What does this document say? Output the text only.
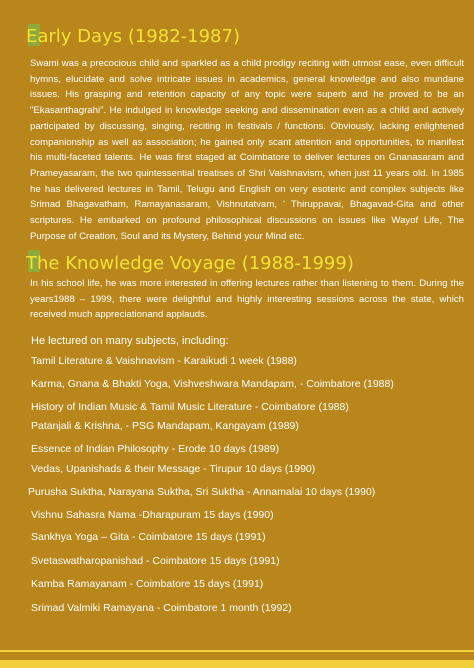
Early Days (1982-1987)

Swami was a precocious child and sparkled as a child prodigy reciting with utmost ease, even difficult hymns, elucidate and solve intricate issues in academics, general knowledge and also mundane issues. His grasping and retention capacity of any topic were superb and he proved to be an "Ekasanthagrahi". He indulged in knowledge seeking and dissemination even as a child and actively participated by discussing, singing, reciting in festivals / functions. Obviously, lacking enlightened companionship as well as association; he gained only scant attention and opportunities, to manifest his multi-faceted talents. He was first staged at Coimbatore to deliver lectures on Gnanasaram and Prameyasaram, the two quintessential treatises of Shri Vaishnavism, when just 11 years old. In 1985 he has delivered lectures in Tamil, Telugu and English on very esoteric and complex subjects like Srimad Bhagavatham, Ramayanasaram, Vishnutatvam, ' Thiruppavai, Bhagavad-Gita and other scriptures. He embarked on profound philosophical discussions on issues like Wayof Life, The Purpose of Creation, Soul and its Mystery, Behind your Mind etc.

The Knowledge Voyage (1988-1999)

In his school life, he was more interested in offering lectures rather than listening to them. During the years1988 – 1999, there were delightful and highly interesting sessions across the state, which received much appreciationand applauds.

He lectured on many subjects, including:

Tamil Literature & Vaishnavism - Karaikudi 1 week (1988)

Karma, Gnana & Bhakti Yoga, Vishveshwara Mandapam, - Coimbatore (1988)

History of Indian Music & Tamil Music Literature - Coimbatore (1988)

Patanjali & Krishna, - PSG Mandapam, Kangayam (1989)

Essence of Indian Philosophy - Erode 10 days (1989)

Vedas, Upanishads & their Message - Tirupur 10 days (1990)

Purusha Suktha, Narayana Suktha, Sri Suktha - Annamalai 10 days (1990)

Vishnu Sahasra Nama -Dharapuram 15 days (1990)

Sankhya Yoga – Gita - Coimbatore 15 days (1991)

Svetaswatharopanishad - Coimbatore 15 days (1991)

Kamba Ramayanam - Coimbatore 15 days (1991)

Srimad Valmiki Ramayana - Coimbatore 1 month (1992)
